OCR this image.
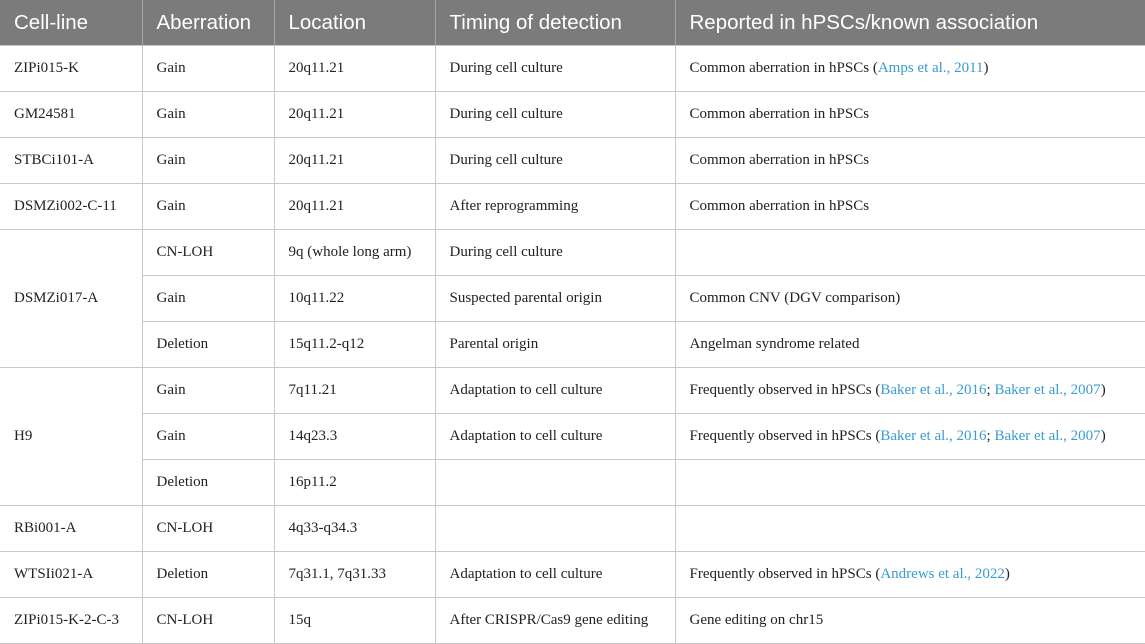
Cell-line	Aberration	Location	Timing of detection	Reported in hPSCs/known association
ZIPi015-K	Gain	20q11.21	During cell culture	Common aberration in hPSCs (Amps et al., 2011)
GM24581	Gain	20q11.21	During cell culture	Common aberration in hPSCs
STBCi101-A	Gain	20q11.21	During cell culture	Common aberration in hPSCs
DSMZi002-C-11	Gain	20q11.21	After reprogramming	Common aberration in hPSCs
DSMZi017-A	CN-LOH	9q (whole long arm)	During cell culture	
	Gain	10q11.22	Suspected parental origin	Common CNV (DGV comparison)
	Deletion	15q11.2-q12	Parental origin	Angelman syndrome related
H9	Gain	7q11.21	Adaptation to cell culture	Frequently observed in hPSCs (Baker et al., 2016; Baker et al., 2007)
	Gain	14q23.3	Adaptation to cell culture	Frequently observed in hPSCs (Baker et al., 2016; Baker et al., 2007)
	Deletion	16p11.2		
RBi001-A	CN-LOH	4q33-q34.3		
WTSIi021-A	Deletion	7q31.1, 7q31.33	Adaptation to cell culture	Frequently observed in hPSCs (Andrews et al., 2022)
ZIPi015-K-2-C-3	CN-LOH	15q	After CRISPR/Cas9 gene editing	Gene editing on chr15
